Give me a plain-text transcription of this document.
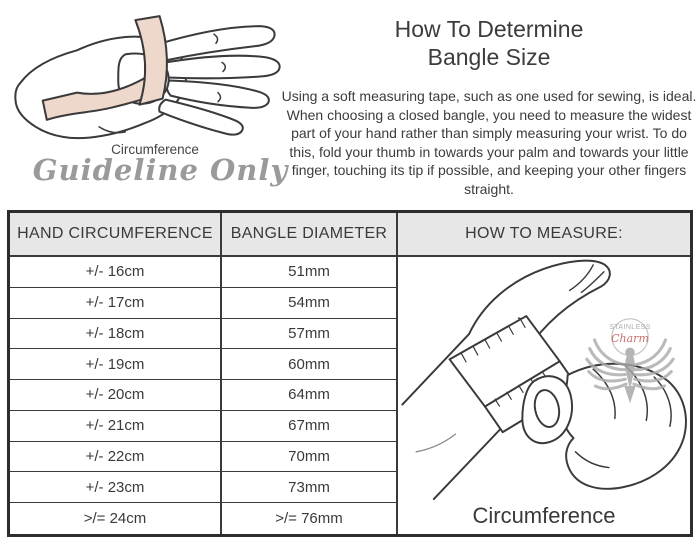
Circumference
Guideline Only
How To Determine
Bangle Size
Using a soft measuring tape, such as one used for sewing, is ideal. When choosing a closed bangle, you need to measure the widest part of your hand rather than simply measuring your wrist. To do this, fold your thumb in towards your palm and towards your little finger, touching its tip if possible, and keeping your other fingers straight.
HAND CIRCUMFERENCE	BANGLE DIAMETER	HOW TO MEASURE:
STAINLESS
Charm
Circumference
+/- 16cm	51mm
+/- 17cm	54mm
+/- 18cm	57mm
+/- 19cm	60mm
+/- 20cm	64mm
+/- 21cm	67mm
+/- 22cm	70mm
+/- 23cm	73mm
>/= 24cm	>/= 76mm
